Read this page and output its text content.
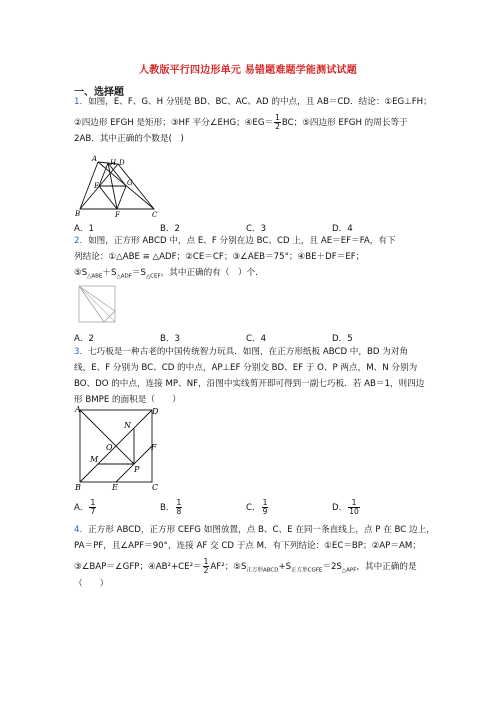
人教版平行四边形单元 易错题难题学能测试试题
一、选择题
1．如图，E、F、G、H 分别是 BD、BC、AC、AD 的中点，且 AB＝CD．结论：①EG⊥FH；
②四边形 EFGH 是矩形；③HF 平分∠EHG；④EG＝ $\frac{1}{2}$ BC；⑤四边形 EFGH 的周长等于
2AB．其中正确的个数是(　)
A H D
E	G
B	F	C
A．1	B．2	C．3	D．4
2．如图，正方形 ABCD 中，点 E、F 分别在边 BC、CD 上，且 AE＝EF＝FA，有下
列结论：①△ABE ≌ △ADF；②CE＝CF；③∠AEB＝75°；④BE＋DF＝EF；
$⑤S_{\triangle ABE}+S_{\triangle ADF}=S_{\triangle CEF}$，其中正确的有（　）个．
A．2	B．3	C．4	D．5
3．七巧板是一种古老的中国传统智力玩具．如图，在正方形纸板 ABCD 中，BD 为对角
线，E、F 分别为 BC、CD 的中点，AP⊥EF 分别交 BD、EF 于 O、P 两点，M、N 分别为
BO、DO 的中点，连接 MP、NF，沿图中实线剪开即可得到一副七巧板．若 AB＝1，则四边
形 BMPE 的面积是（　　）
A	D
N
F
O
M
P
B	E	C
A． $\frac{1}{7}$	B． $\frac{1}{8}$	C． $\frac{1}{9}$	D． $\frac{1}{10}$
4．正方形 ABCD，正方形 CEFG 如图放置，点 B、C、E 在同一条直线上，点 P 在 BC 边上，
PA＝PF，且∠APF＝90°，连接 AF 交 CD 于点 M．有下列结论：①EC＝BP；②AP＝AM；
③∠BAP＝∠GFP；④AB²+CE²＝ $\frac{1}{2} AF^2$；$⑤S_{正方形ABCD}+S_{正方形CGFE}=2S_{\triangle APF}$，其中正确的是
（　　）
